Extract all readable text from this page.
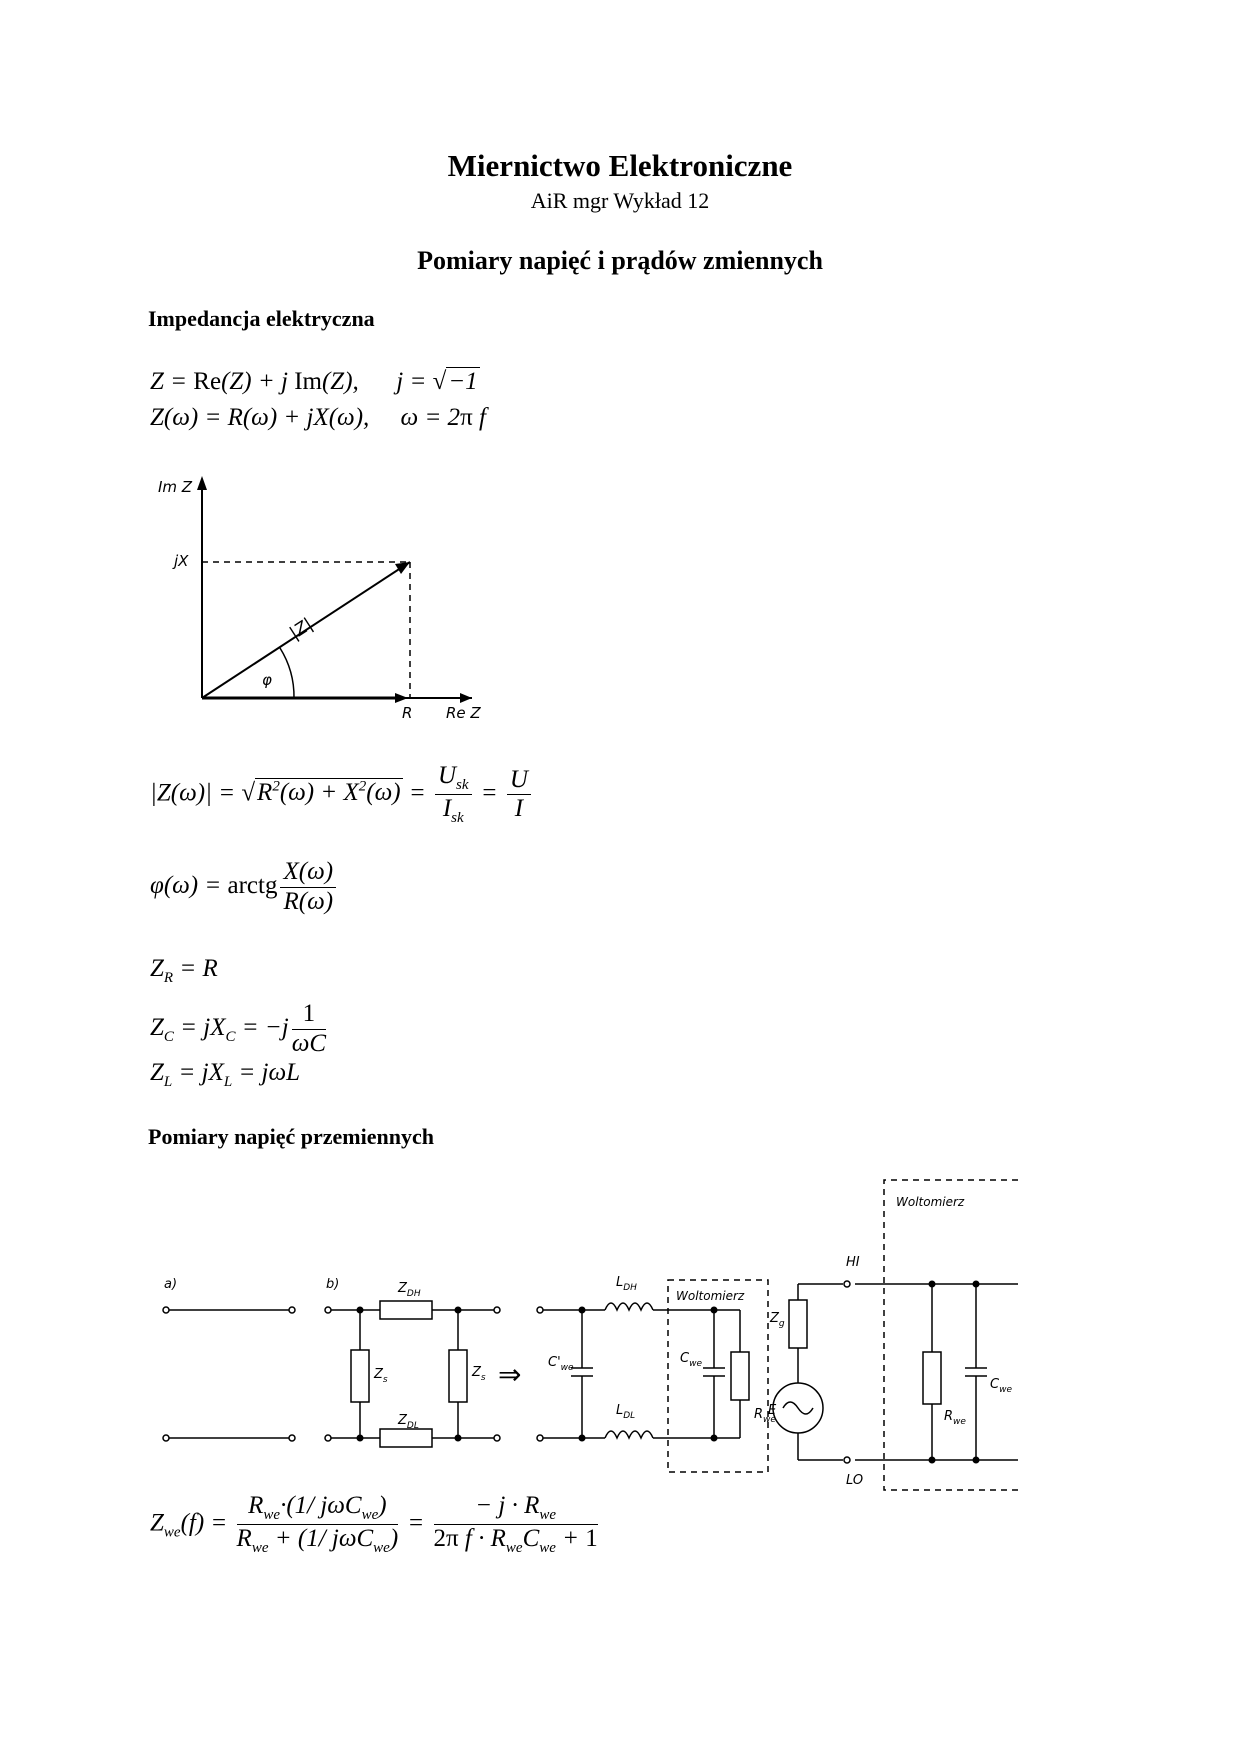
Miernictwo Elektroniczne
AiR mgr Wykład 12
Pomiary napięć i prądów zmiennych
Impedancja elektryczna
Z = Re(Z) + j Im(Z),      j = √−1
Z(ω) = R(ω) + jX(ω),     ω = 2π f
Im Z
jX
R Re Z
|Z|
φ
$|Z(\omega)| = √R^2(\omega) + X^2(\omega) = \frac{U_{sk}}{I_{sk}} = \frac{U}{I}$
φ(ω) = arctg $\frac{X(\omega)}{R(\omega)}$
$Z_R = R$
$Z_C = jX_C = -j \frac{1}{\omega C}$
$Z_L = jX_L = j\omega L$
Pomiary napięć przemiennych
a)	b)	$Z_{DH}$
$Z_{DL}$
$Z_s$	$Z_s$ ⇒ $C'_{we}$
$L_{DH}$
$L_{DL}$
Woltomierz
$C_{we}$
$R_{we}$
HI
LO
Woltomierz
$Z_g$
E
$C_{we}$
$R_{we}$
$Z_{we}(f) = \frac{R_{we}\cdot(1/ j\omega C_{we})}{R_{we} + (1/ j\omega C_{we})} = \frac{- j \cdot R_{we}}{2\pi f \cdot R_{we}C_{we} + 1}$
